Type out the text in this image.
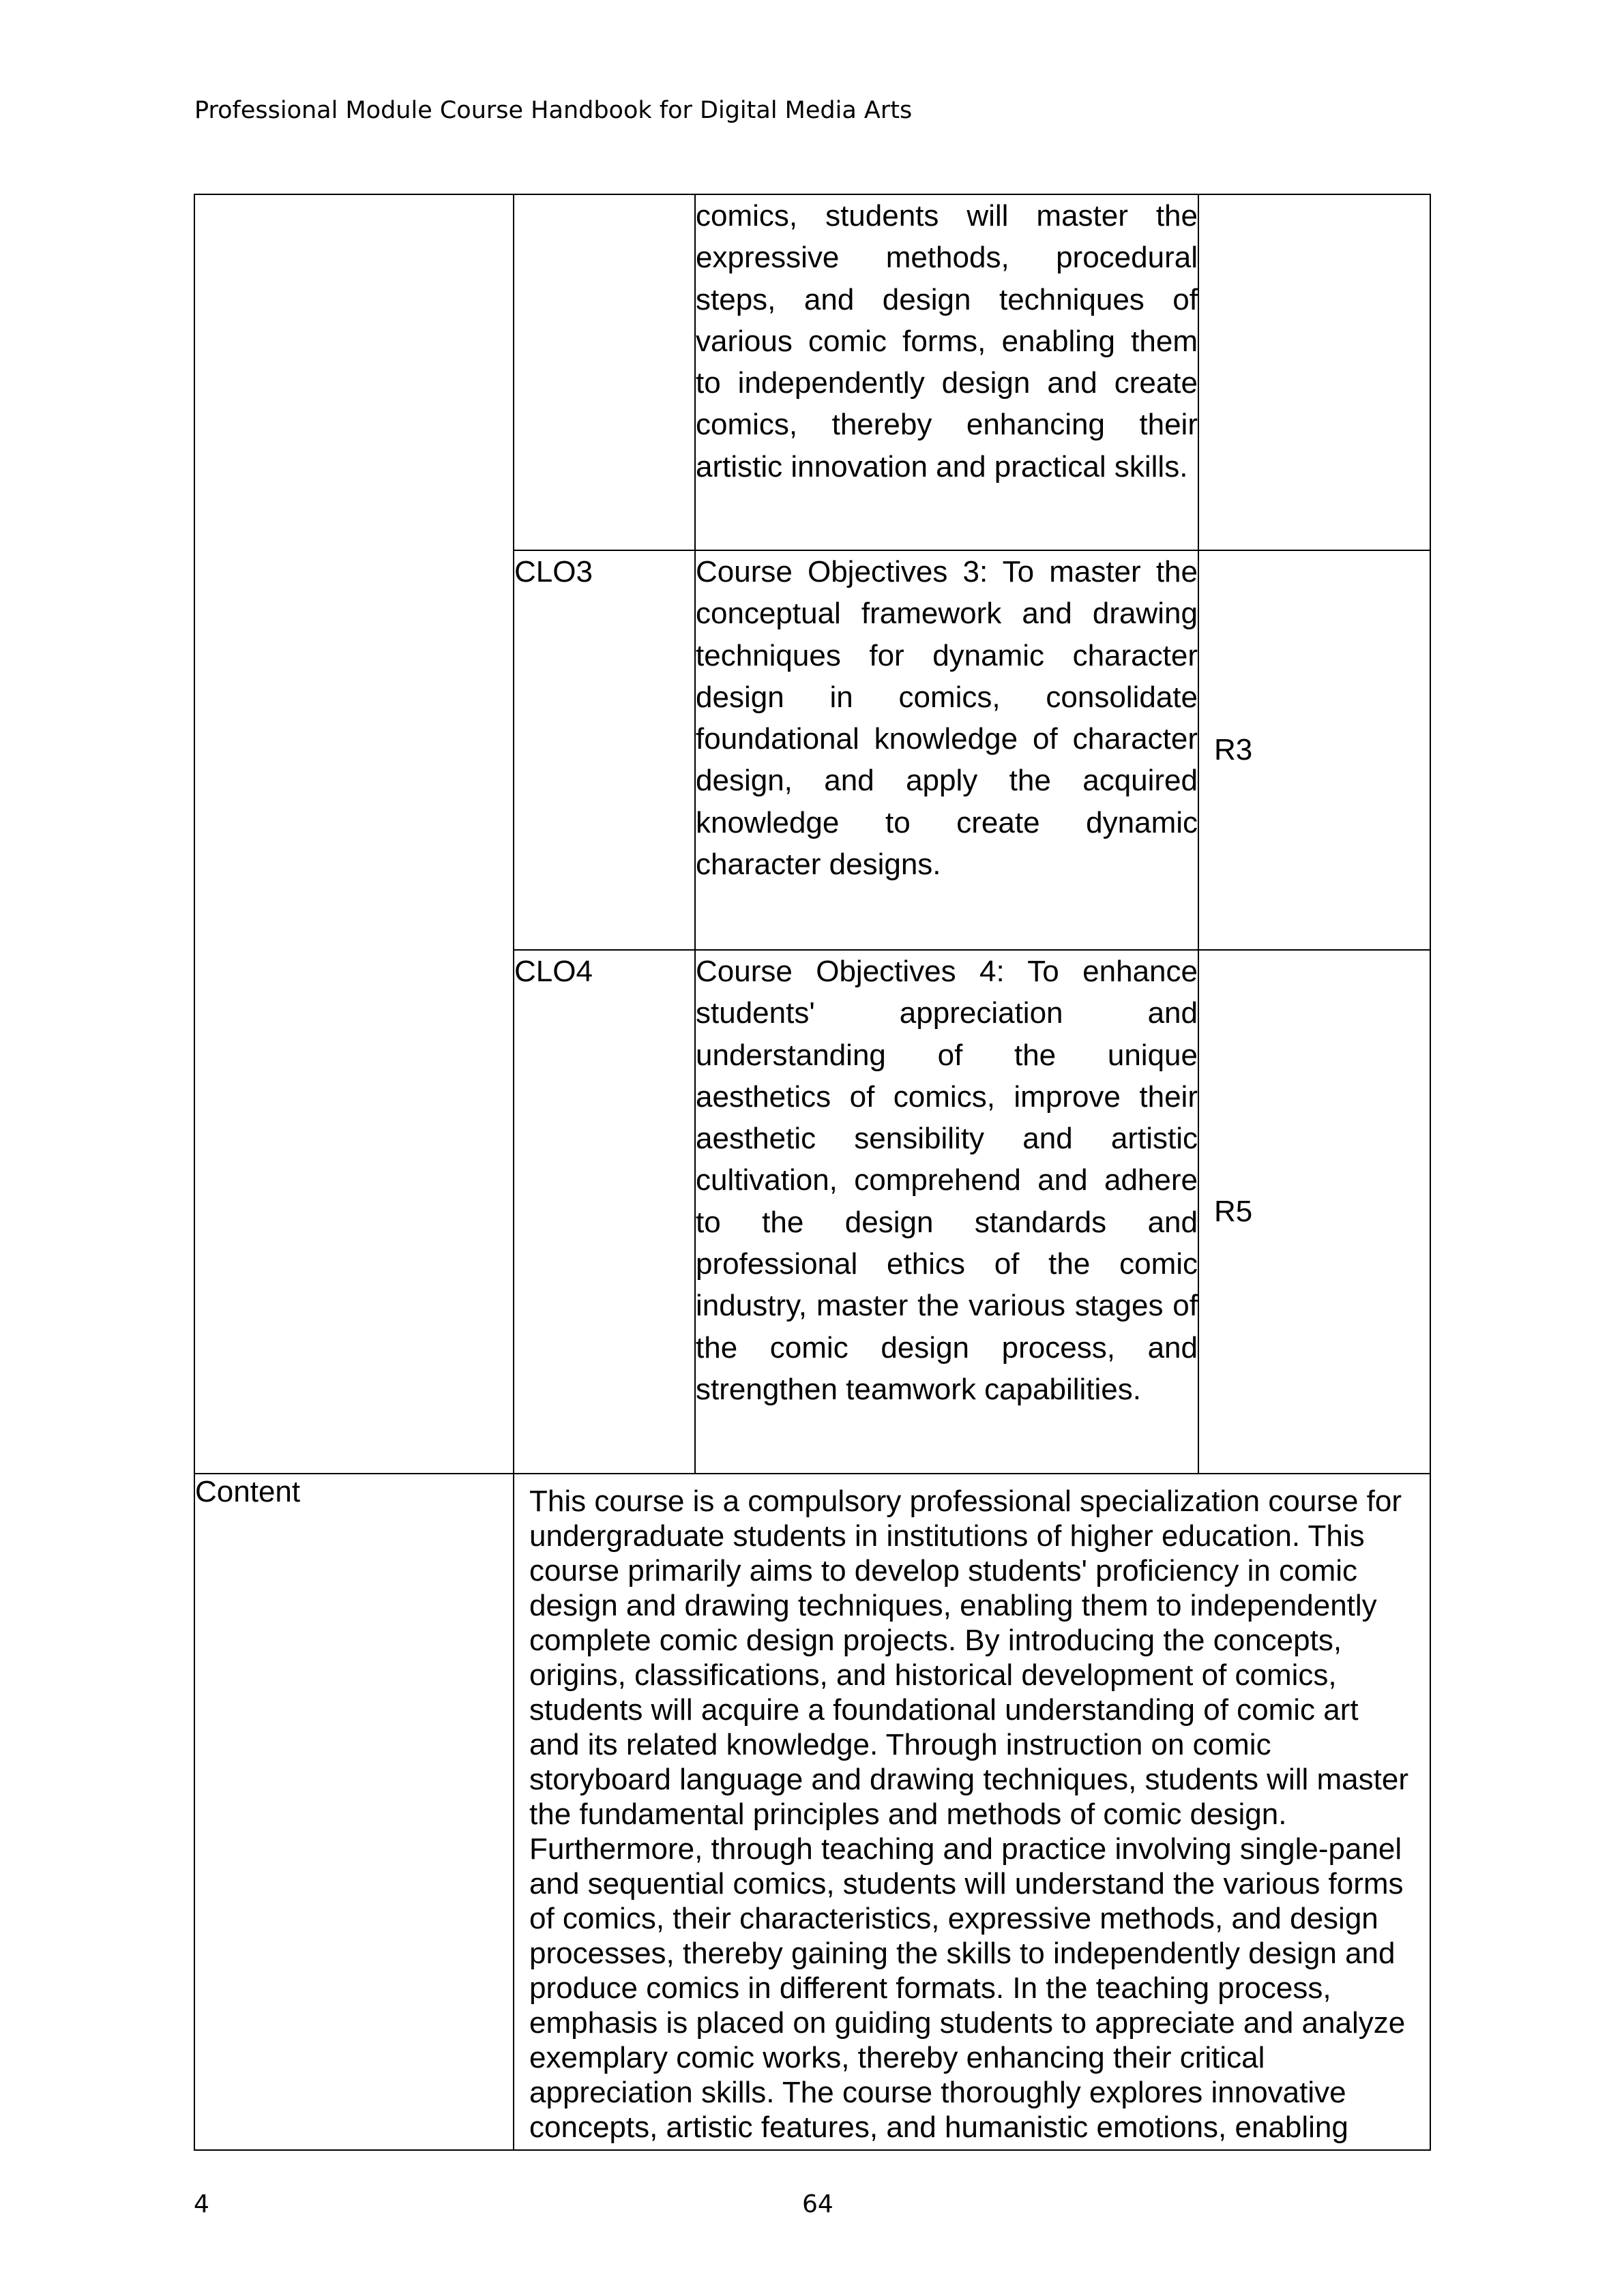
Professional Module Course Handbook for Digital Media Arts
		comics, students will master the expressive methods, procedural steps, and design techniques of various comic forms, enabling them to independently design and create comics, thereby enhancing their artistic innovation and practical skills.	
	CLO3	Course Objectives 3: To master the conceptual framework and drawing techniques for dynamic character design in comics, consolidate foundational knowledge of character design, and apply the acquired knowledge to create dynamic character designs.	R3
	CLO4	Course Objectives 4: To enhance students' appreciation and understanding of the unique aesthetics of comics, improve their aesthetic sensibility and artistic cultivation, comprehend and adhere to the design standards and professional ethics of the comic industry, master the various stages of the comic design process, and strengthen teamwork capabilities.	R5
Content	This course is a compulsory professional specialization course for undergraduate students in institutions of higher education. This course primarily aims to develop students' proficiency in comic design and drawing techniques, enabling them to independently complete comic design projects. By introducing the concepts, origins, classifications, and historical development of comics, students will acquire a foundational understanding of comic art and its related knowledge. Through instruction on comic storyboard language and drawing techniques, students will master the fundamental principles and methods of comic design. Furthermore, through teaching and practice involving single-panel and sequential comics, students will understand the various forms of comics, their characteristics, expressive methods, and design processes, thereby gaining the skills to independently design and produce comics in different formats. In the teaching process, emphasis is placed on guiding students to appreciate and analyze exemplary comic works, thereby enhancing their critical appreciation skills. The course thoroughly explores innovative concepts, artistic features, and humanistic emotions, enabling		
4	64
